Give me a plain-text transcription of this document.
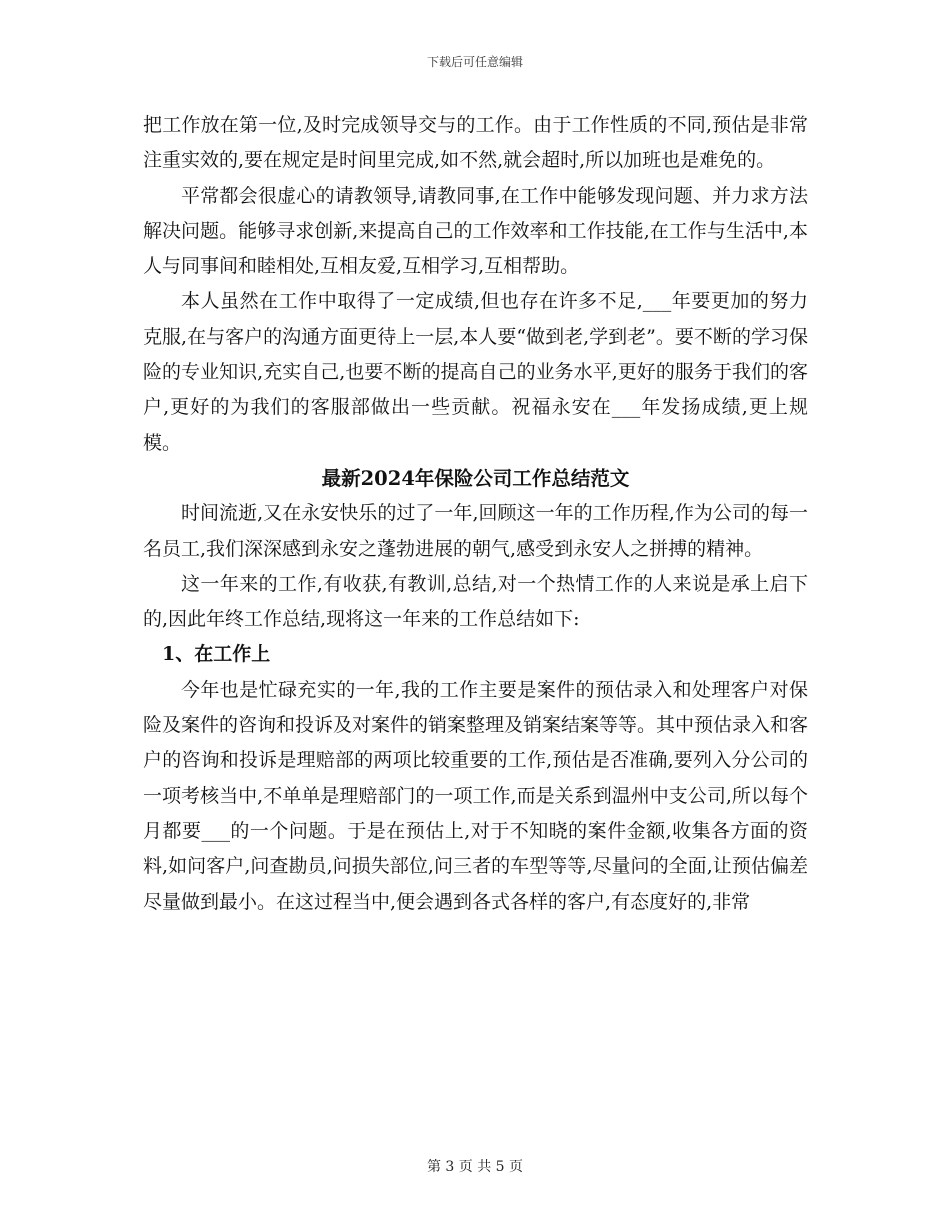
下载后可任意编辑

把工作放在第一位,及时完成领导交与的工作。由于工作性质的不同,预估是非常注重实效的,要在规定是时间里完成,如不然,就会超时,所以加班也是难免的。

平常都会很虚心的请教领导,请教同事,在工作中能够发现问题、并力求方法解决问题。能够寻求创新,来提高自己的工作效率和工作技能,在工作与生活中,本人与同事间和睦相处,互相友爱,互相学习,互相帮助。

本人虽然在工作中取得了一定成绩,但也存在许多不足,___年要更加的努力克服,在与客户的沟通方面更待上一层,本人要“做到老,学到老”。要不断的学习保险的专业知识,充实自己,也要不断的提高自己的业务水平,更好的服务于我们的客户,更好的为我们的客服部做出一些贡献。祝福永安在___年发扬成绩,更上规模。

最新2024年保险公司工作总结范文

时间流逝,又在永安快乐的过了一年,回顾这一年的工作历程,作为公司的每一名员工,我们深深感到永安之蓬勃进展的朝气,感受到永安人之拼搏的精神。

这一年来的工作,有收获,有教训,总结,对一个热情工作的人来说是承上启下的,因此年终工作总结,现将这一年来的工作总结如下:

1、在工作上

今年也是忙碌充实的一年,我的工作主要是案件的预估录入和处理客户对保险及案件的咨询和投诉及对案件的销案整理及销案结案等等。其中预估录入和客户的咨询和投诉是理赔部的两项比较重要的工作,预估是否准确,要列入分公司的一项考核当中,不单单是理赔部门的一项工作,而是关系到温州中支公司,所以每个月都要___的一个问题。于是在预估上,对于不知晓的案件金额,收集各方面的资料,如问客户,问查勘员,问损失部位,问三者的车型等等,尽量问的全面,让预估偏差尽量做到最小。在这过程当中,便会遇到各式各样的客户,有态度好的,非常

第 3 页 共 5 页
